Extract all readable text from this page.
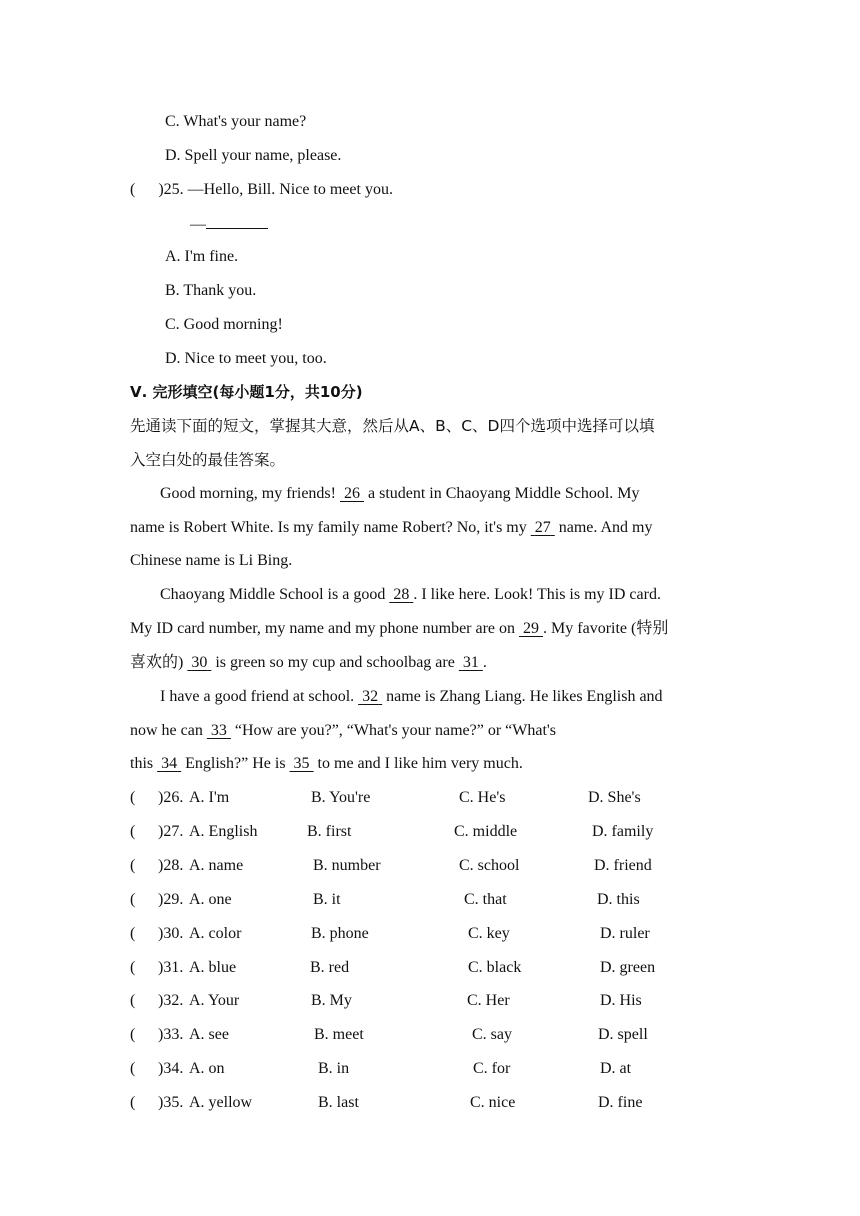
C. What's your name?
D. Spell your name, please.
( )25. —Hello, Bill. Nice to meet you.
—
A. I'm fine.
B. Thank you.
C. Good morning!
D. Nice to meet you, too.
Ⅴ. 完形填空(每小题1分，共10分)
先通读下面的短文，掌握其大意，然后从A、B、C、D四个选项中选择可以填
入空白处的最佳答案。
Good morning, my friends!  26  a student in Chaoyang Middle School. My
name is Robert White. Is my family name Robert? No, it's my  27  name. And my
Chinese name is Li Bing.
Chaoyang Middle School is a good  28 . I like here. Look! This is my ID card.
My ID card number, my name and my phone number are on  29 . My favorite (特别
喜欢的)  30  is green so my cup and schoolbag are  31 .
I have a good friend at school.  32  name is Zhang Liang. He likes English and
now he can  33  “How are you?”, “What's your name?” or “What's
this  34  English?” He is  35  to me and I like him very much.
( )26. A. I'm	B. You're	C. He's	D. She's
( )27. A. English	B. first	C. middle	D. family
( )28. A. name	B. number	C. school	D. friend
( )29. A. one	B. it	C. that	D. this
( )30. A. color	B. phone	C. key	D. ruler
( )31. A. blue	B. red	C. black	D. green
( )32. A. Your	B. My	C. Her	D. His
( )33. A. see	B. meet	C. say	D. spell
( )34. A. on	B. in	C. for	D. at
( )35. A. yellow	B. last	C. nice	D. fine
